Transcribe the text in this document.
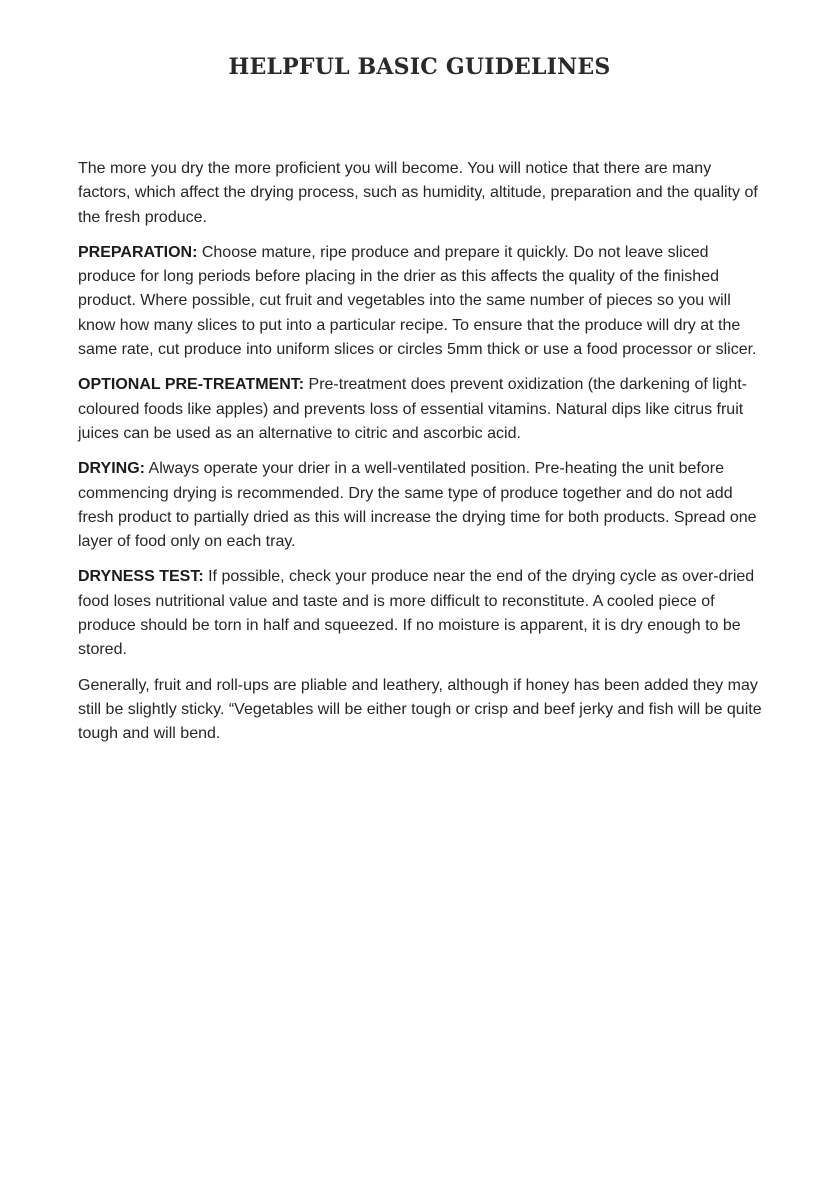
HELPFUL BASIC GUIDELINES

The more you dry the more proficient you will become. You will notice that there are many factors, which affect the drying process, such as humidity, altitude, preparation and the quality of the fresh produce.

PREPARATION: Choose mature, ripe produce and prepare it quickly. Do not leave sliced produce for long periods before placing in the drier as this affects the quality of the finished product. Where possible, cut fruit and vegetables into the same number of pieces so you will know how many slices to put into a particular recipe. To ensure that the produce will dry at the same rate, cut produce into uniform slices or circles 5mm thick or use a food processor or slicer.

OPTIONAL PRE-TREATMENT: Pre-treatment does prevent oxidization (the darkening of light-coloured foods like apples) and prevents loss of essential vitamins. Natural dips like citrus fruit juices can be used as an alternative to citric and ascorbic acid.

DRYING: Always operate your drier in a well-ventilated position. Pre-heating the unit before commencing drying is recommended. Dry the same type of produce together and do not add fresh product to partially dried as this will increase the drying time for both products. Spread one layer of food only on each tray.

DRYNESS TEST: If possible, check your produce near the end of the drying cycle as over-dried food loses nutritional value and taste and is more difficult to reconstitute. A cooled piece of produce should be torn in half and squeezed. If no moisture is apparent, it is dry enough to be stored.

Generally, fruit and roll-ups are pliable and leathery, although if honey has been added they may still be slightly sticky. “Vegetables will be either tough or crisp and beef jerky and fish will be quite tough and will bend.
